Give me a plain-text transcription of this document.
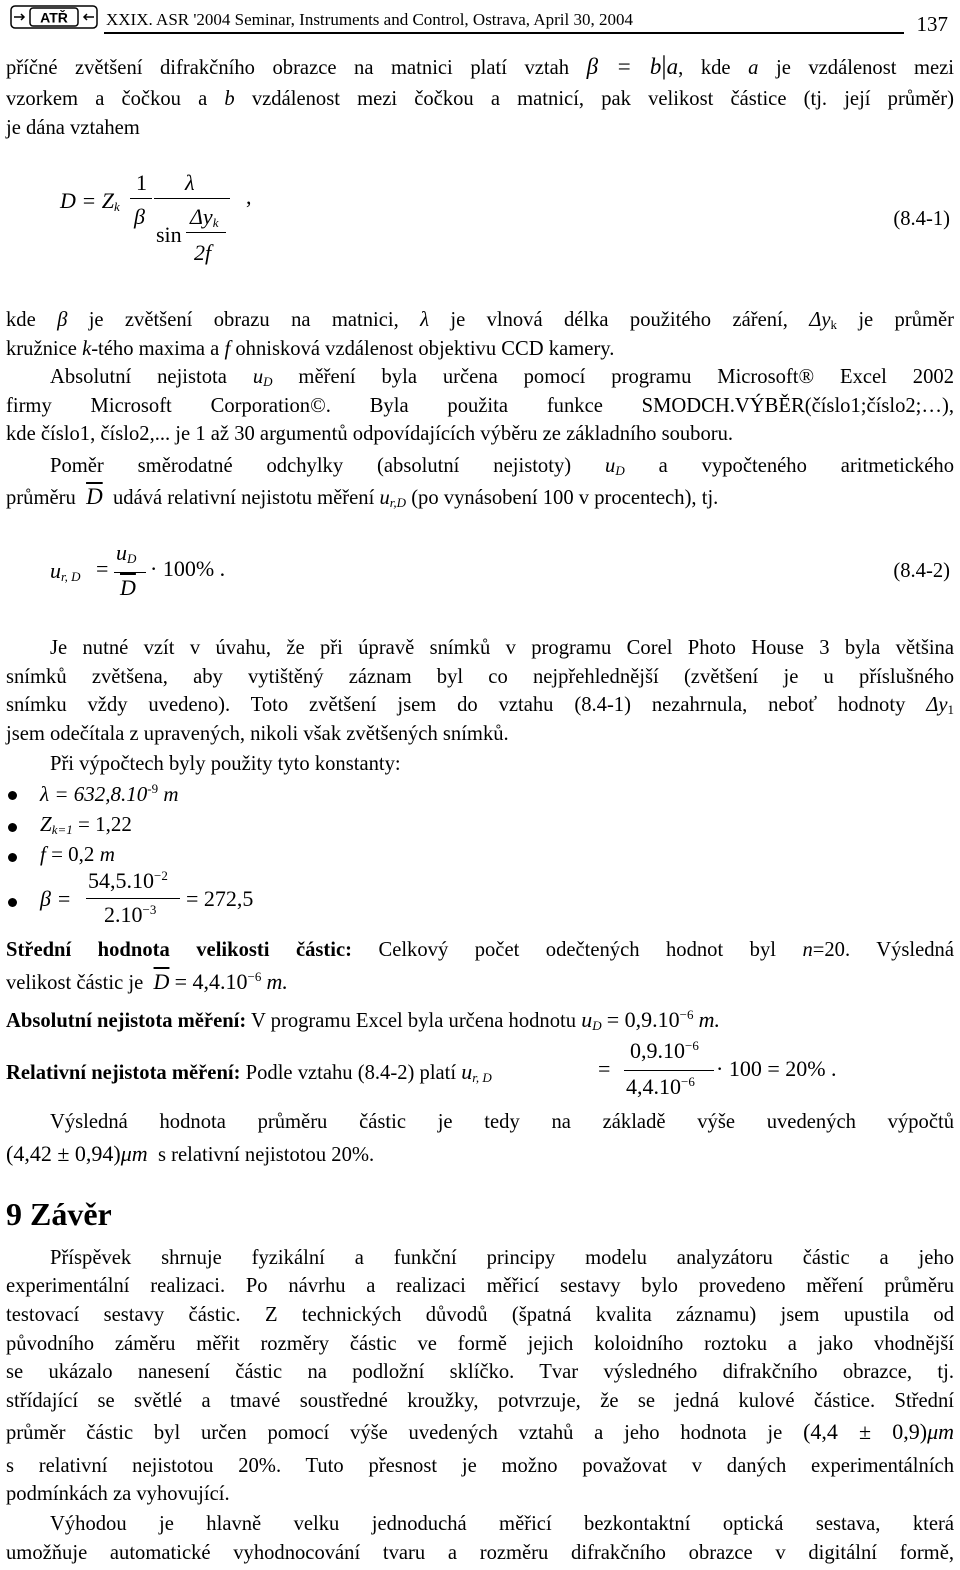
ATŘ XXIX. ASR '2004 Seminar, Instruments and Control, Ostrava, April 30, 2004	137
příčné zvětšení difrakčního obrazce na matnici platí vztah β = b|a, kde a je vzdálenost mezi
vzorkem a čočkou a b vzdálenost mezi čočkou a matnicí, pak velikost částice (tj. její průměr)
je dána vztahem
$D = Z_k$
1
β
λ
sin
$\Delta y_k$
2f
,
(8.4-1)
kde β je zvětšení obrazu na matnici, λ je vlnová délka použitého záření, $\Delta y_k$ je průměr
kružnice k-tého maxima a f ohnisková vzdálenost objektivu CCD kamery.
Absolutní nejistota $u_D$ měření byla určena pomocí programu Microsoft® Excel 2002
firmy Microsoft Corporation©. Byla použita funkce SMODCH.VÝBĚR(číslo1;číslo2;…),
kde číslo1, číslo2,... je 1 až 30 argumentů odpovídajících výběru ze základního souboru.
Poměr směrodatné odchylky (absolutní nejistoty) $u_D$ a vypočteného aritmetického
průměru $\overline{D}$ udává relativní nejistotu měření $u_{r,D}$ (po vynásobení 100 v procentech), tj.
$u_{r, D}$ =
$u_D$
$\overline{D}$
· 100% .	(8.4-2)
Je nutné vzít v úvahu, že při úpravě snímků v programu Corel Photo House 3 byla většina
snímků zvětšena, aby vytištěný záznam byl co nejpřehlednější (zvětšení je u příslušného
snímku vždy uvedeno). Toto zvětšení jsem do vztahu (8.4-1) nezahrnula, neboť hodnoty $\Delta y_1$
jsem odečítala z upravených, nikoli však zvětšených snímků.
Při výpočtech byly použity tyto konstanty:
$\lambda = 632,8.10^{-9}$ m
$Z_{k=1} = 1,22$
f = 0,2 m
β =
$54,5.10^{-2}$
$2.10^{-3} = 272,5$
Střední hodnota velikosti částic: Celkový počet odečtených hodnot byl n=20. Výsledná
velikost částic je $\overline{D} = 4,4.10^{-6}$ m.
Absolutní nejistota měření: V programu Excel byla určena hodnotu $u_D = 0,9.10^{-6}$ m.
Relativní nejistota měření: Podle vztahu (8.4-2) platí $u_{r, D}$	=
$0,9.10^{-6}$
$4,4.10^{-6}$
· 100 = 20% .
Výsledná hodnota průměru částic je tedy na základě výše uvedených výpočtů
(4,42 ± 0,94)μm s relativní nejistotou 20%.
9 Závěr
Příspěvek shrnuje fyzikální a funkční principy modelu analyzátoru částic a jeho
experimentální realizaci. Po návrhu a realizaci měřicí sestavy bylo provedeno měření průměru
testovací sestavy částic. Z technických důvodů (špatná kvalita záznamu) jsem upustila od
původního záměru měřit rozměry částic ve formě jejich koloidního roztoku a jako vhodnější
se ukázalo nanesení částic na podložní sklíčko. Tvar výsledného difrakčního obrazce, tj.
střídající se světlé a tmavé soustředné kroužky, potvrzuje, že se jedná kulové částice. Střední
průměr částic byl určen pomocí výše uvedených vztahů a jeho hodnota je (4,4 ± 0,9)μm
s relativní nejistotou 20%. Tuto přesnost je možno považovat v daných experimentálních
podmínkách za vyhovující.
Výhodou je hlavně velku jednoduchá měřicí bezkontaktní optická sestava, která
umožňuje automatické vyhodnocování tvaru a rozměru difrakčního obrazce v digitální formě,
